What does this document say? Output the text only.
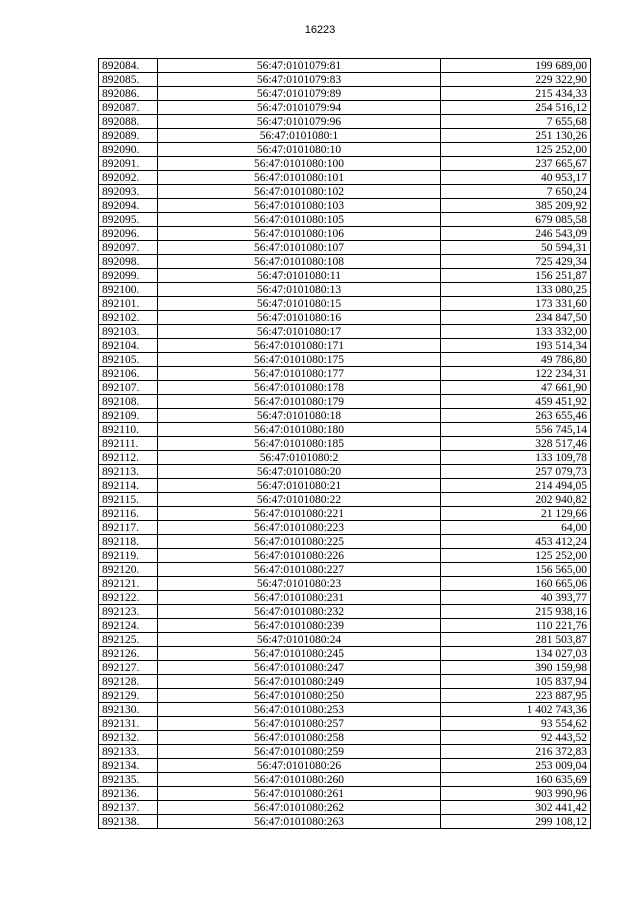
16223
892084.	56:47:0101079:81	199 689,00
892085.	56:47:0101079:83	229 322,90
892086.	56:47:0101079:89	215 434,33
892087.	56:47:0101079:94	254 516,12
892088.	56:47:0101079:96	7 655,68
892089.	56:47:0101080:1	251 130,26
892090.	56:47:0101080:10	125 252,00
892091.	56:47:0101080:100	237 665,67
892092.	56:47:0101080:101	40 953,17
892093.	56:47:0101080:102	7 650,24
892094.	56:47:0101080:103	385 209,92
892095.	56:47:0101080:105	679 085,58
892096.	56:47:0101080:106	246 543,09
892097.	56:47:0101080:107	50 594,31
892098.	56:47:0101080:108	725 429,34
892099.	56:47:0101080:11	156 251,87
892100.	56:47:0101080:13	133 080,25
892101.	56:47:0101080:15	173 331,60
892102.	56:47:0101080:16	234 847,50
892103.	56:47:0101080:17	133 332,00
892104.	56:47:0101080:171	193 514,34
892105.	56:47:0101080:175	49 786,80
892106.	56:47:0101080:177	122 234,31
892107.	56:47:0101080:178	47 661,90
892108.	56:47:0101080:179	459 451,92
892109.	56:47:0101080:18	263 655,46
892110.	56:47:0101080:180	556 745,14
892111.	56:47:0101080:185	328 517,46
892112.	56:47:0101080:2	133 109,78
892113.	56:47:0101080:20	257 079,73
892114.	56:47:0101080:21	214 494,05
892115.	56:47:0101080:22	202 940,82
892116.	56:47:0101080:221	21 129,66
892117.	56:47:0101080:223	64,00
892118.	56:47:0101080:225	453 412,24
892119.	56:47:0101080:226	125 252,00
892120.	56:47:0101080:227	156 565,00
892121.	56:47:0101080:23	160 665,06
892122.	56:47:0101080:231	40 393,77
892123.	56:47:0101080:232	215 938,16
892124.	56:47:0101080:239	110 221,76
892125.	56:47:0101080:24	281 503,87
892126.	56:47:0101080:245	134 027,03
892127.	56:47:0101080:247	390 159,98
892128.	56:47:0101080:249	105 837,94
892129.	56:47:0101080:250	223 887,95
892130.	56:47:0101080:253	1 402 743,36
892131.	56:47:0101080:257	93 554,62
892132.	56:47:0101080:258	92 443,52
892133.	56:47:0101080:259	216 372,83
892134.	56:47:0101080:26	253 009,04
892135.	56:47:0101080:260	160 635,69
892136.	56:47:0101080:261	903 990,96
892137.	56:47:0101080:262	302 441,42
892138.	56:47:0101080:263	299 108,12
